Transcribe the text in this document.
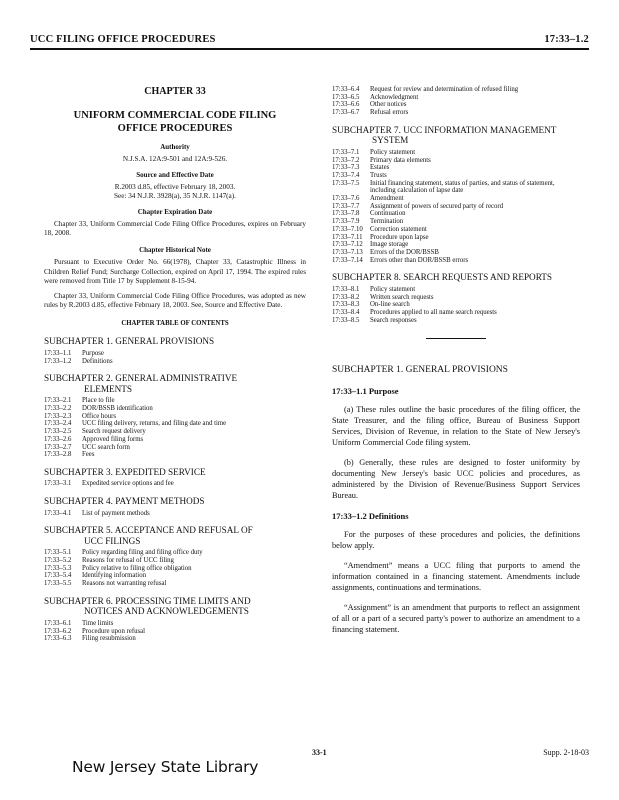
UCC FILING OFFICE PROCEDURES	17:33–1.2
CHAPTER 33
UNIFORM COMMERCIAL CODE FILING
OFFICE PROCEDURES
Authority
N.J.S.A. 12A:9-501 and 12A:9-526.
Source and Effective Date
R.2003 d.85, effective February 18, 2003.
See: 34 N.J.R. 3928(a), 35 N.J.R. 1147(a).
Chapter Expiration Date
Chapter 33, Uniform Commercial Code Filing Office Procedures, expires on February 18, 2008.
Chapter Historical Note
Pursuant to Executive Order No. 66(1978), Chapter 33, Catastrophic Illness in Children Relief Fund; Surcharge Collection, expired on April 17, 1994. The expired rules were removed from Title 17 by Supplement 8-15-94.
Chapter 33, Uniform Commercial Code Filing Office Procedures, was adopted as new rules by R.2003 d.85, effective February 18, 2003. See, Source and Effective Date.
CHAPTER TABLE OF CONTENTS
SUBCHAPTER 1. GENERAL PROVISIONS
17:33–1.1	Purpose
17:33–1.2	Definitions
SUBCHAPTER 2. GENERAL ADMINISTRATIVE
ELEMENTS
17:33–2.1	Place to file
17:33–2.2	DOR/BSSB identification
17:33–2.3	Office hours
17:33–2.4	UCC filing delivery, returns, and filing date and time
17:33–2.5	Search request delivery
17:33–2.6	Approved filing forms
17:33–2.7	UCC search form
17:33–2.8	Fees
SUBCHAPTER 3. EXPEDITED SERVICE
17:33–3.1	Expedited service options and fee
SUBCHAPTER 4. PAYMENT METHODS
17:33–4.1	List of payment methods
SUBCHAPTER 5. ACCEPTANCE AND REFUSAL OF
UCC FILINGS
17:33–5.1	Policy regarding filing and filing office duty
17:33–5.2	Reasons for refusal of UCC filing
17:33–5.3	Policy relative to filing office obligation
17:33–5.4	Identifying information
17:33–5.5	Reasons not warranting refusal
SUBCHAPTER 6. PROCESSING TIME LIMITS AND
NOTICES AND ACKNOWLEDGEMENTS
17:33–6.1	Time limits
17:33–6.2	Procedure upon refusal
17:33–6.3	Filing resubmission
17:33–6.4	Request for review and determination of refused filing
17:33–6.5	Acknowledgment
17:33–6.6	Other notices
17:33–6.7	Refusal errors
SUBCHAPTER 7. UCC INFORMATION MANAGEMENT
SYSTEM
17:33–7.1	Policy statement
17:33–7.2	Primary data elements
17:33–7.3	Estates
17:33–7.4	Trusts
17:33–7.5	Initial financing statement, status of parties, and status of statement, including calculation of lapse date
17:33–7.6	Amendment
17:33–7.7	Assignment of powers of secured party of record
17:33–7.8	Continuation
17:33–7.9	Termination
17:33–7.10	Correction statement
17:33–7.11	Procedure upon lapse
17:33–7.12	Image storage
17:33–7.13	Errors of the DOR/BSSB
17:33–7.14	Errors other than DOR/BSSB errors
SUBCHAPTER 8. SEARCH REQUESTS AND REPORTS
17:33–8.1	Policy statement
17:33–8.2	Written search requests
17:33–8.3	On-line search
17:33–8.4	Procedures applied to all name search requests
17:33–8.5	Search responses
SUBCHAPTER 1. GENERAL PROVISIONS
17:33–1.1 Purpose
(a) These rules outline the basic procedures of the filing officer, the State Treasurer, and the filing office, Bureau of Business Support Services, Division of Revenue, in relation to the State of New Jersey's Uniform Commercial Code filing system.
(b) Generally, these rules are designed to foster uniformity by documenting New Jersey's basic UCC policies and procedures, as administered by the Division of Revenue/Business Support Services Bureau.
17:33–1.2 Definitions
For the purposes of these procedures and policies, the definitions below apply.
“Amendment” means a UCC filing that purports to amend the information contained in a financing statement. Amendments include assignments, continuations and terminations.
“Assignment” is an amendment that purports to reflect an assignment of all or a part of a secured party's power to authorize an amendment to a financing statement.
33-1	Supp. 2-18-03
New Jersey State Library
